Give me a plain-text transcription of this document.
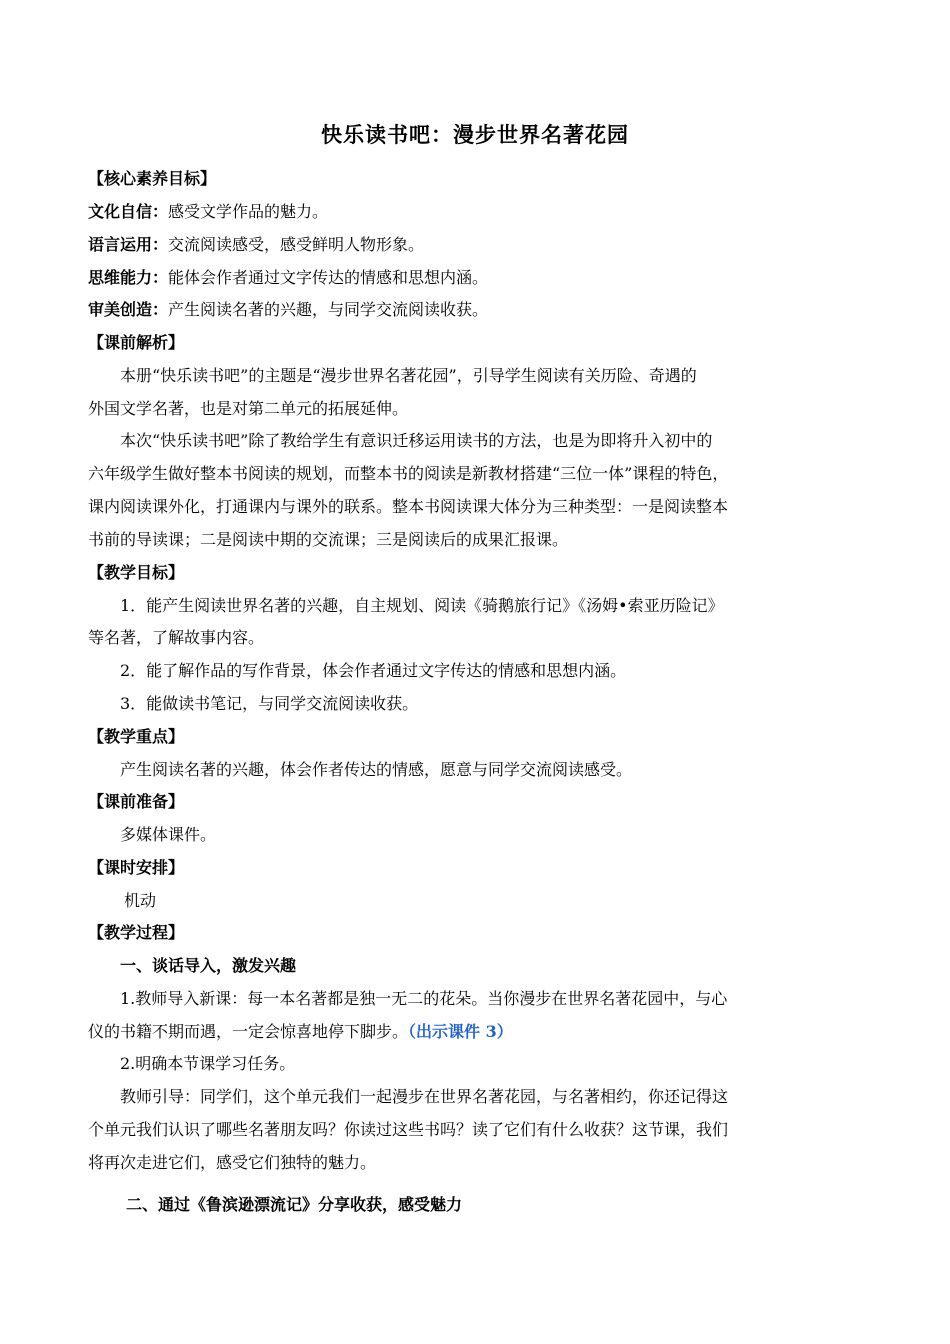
快乐读书吧：漫步世界名著花园
【核心素养目标】
文化自信：感受文学作品的魅力。
语言运用：交流阅读感受，感受鲜明人物形象。
思维能力：能体会作者通过文字传达的情感和思想内涵。
审美创造：产生阅读名著的兴趣，与同学交流阅读收获。
【课前解析】
本册“快乐读书吧”的主题是“漫步世界名著花园”，引导学生阅读有关历险、奇遇的
外国文学名著，也是对第二单元的拓展延伸。
本次“快乐读书吧”除了教给学生有意识迁移运用读书的方法，也是为即将升入初中的
六年级学生做好整本书阅读的规划，而整本书的阅读是新教材搭建“三位一体”课程的特色，
课内阅读课外化，打通课内与课外的联系。整本书阅读课大体分为三种类型：一是阅读整本
书前的导读课；二是阅读中期的交流课；三是阅读后的成果汇报课。
【教学目标】
1．能产生阅读世界名著的兴趣，自主规划、阅读《骑鹅旅行记》《汤姆•索亚历险记》
等名著，了解故事内容。
2．能了解作品的写作背景，体会作者通过文字传达的情感和思想内涵。
3．能做读书笔记，与同学交流阅读收获。
【教学重点】
产生阅读名著的兴趣，体会作者传达的情感，愿意与同学交流阅读感受。
【课前准备】
多媒体课件。
【课时安排】
机动
【教学过程】
一、谈话导入，激发兴趣
1.教师导入新课：每一本名著都是独一无二的花朵。当你漫步在世界名著花园中，与心
仪的书籍不期而遇，一定会惊喜地停下脚步。（出示课件 3）
2.明确本节课学习任务。
教师引导：同学们，这个单元我们一起漫步在世界名著花园，与名著相约，你还记得这
个单元我们认识了哪些名著朋友吗？你读过这些书吗？读了它们有什么收获？这节课，我们
将再次走进它们，感受它们独特的魅力。
二、通过《鲁滨逊漂流记》分享收获，感受魅力
